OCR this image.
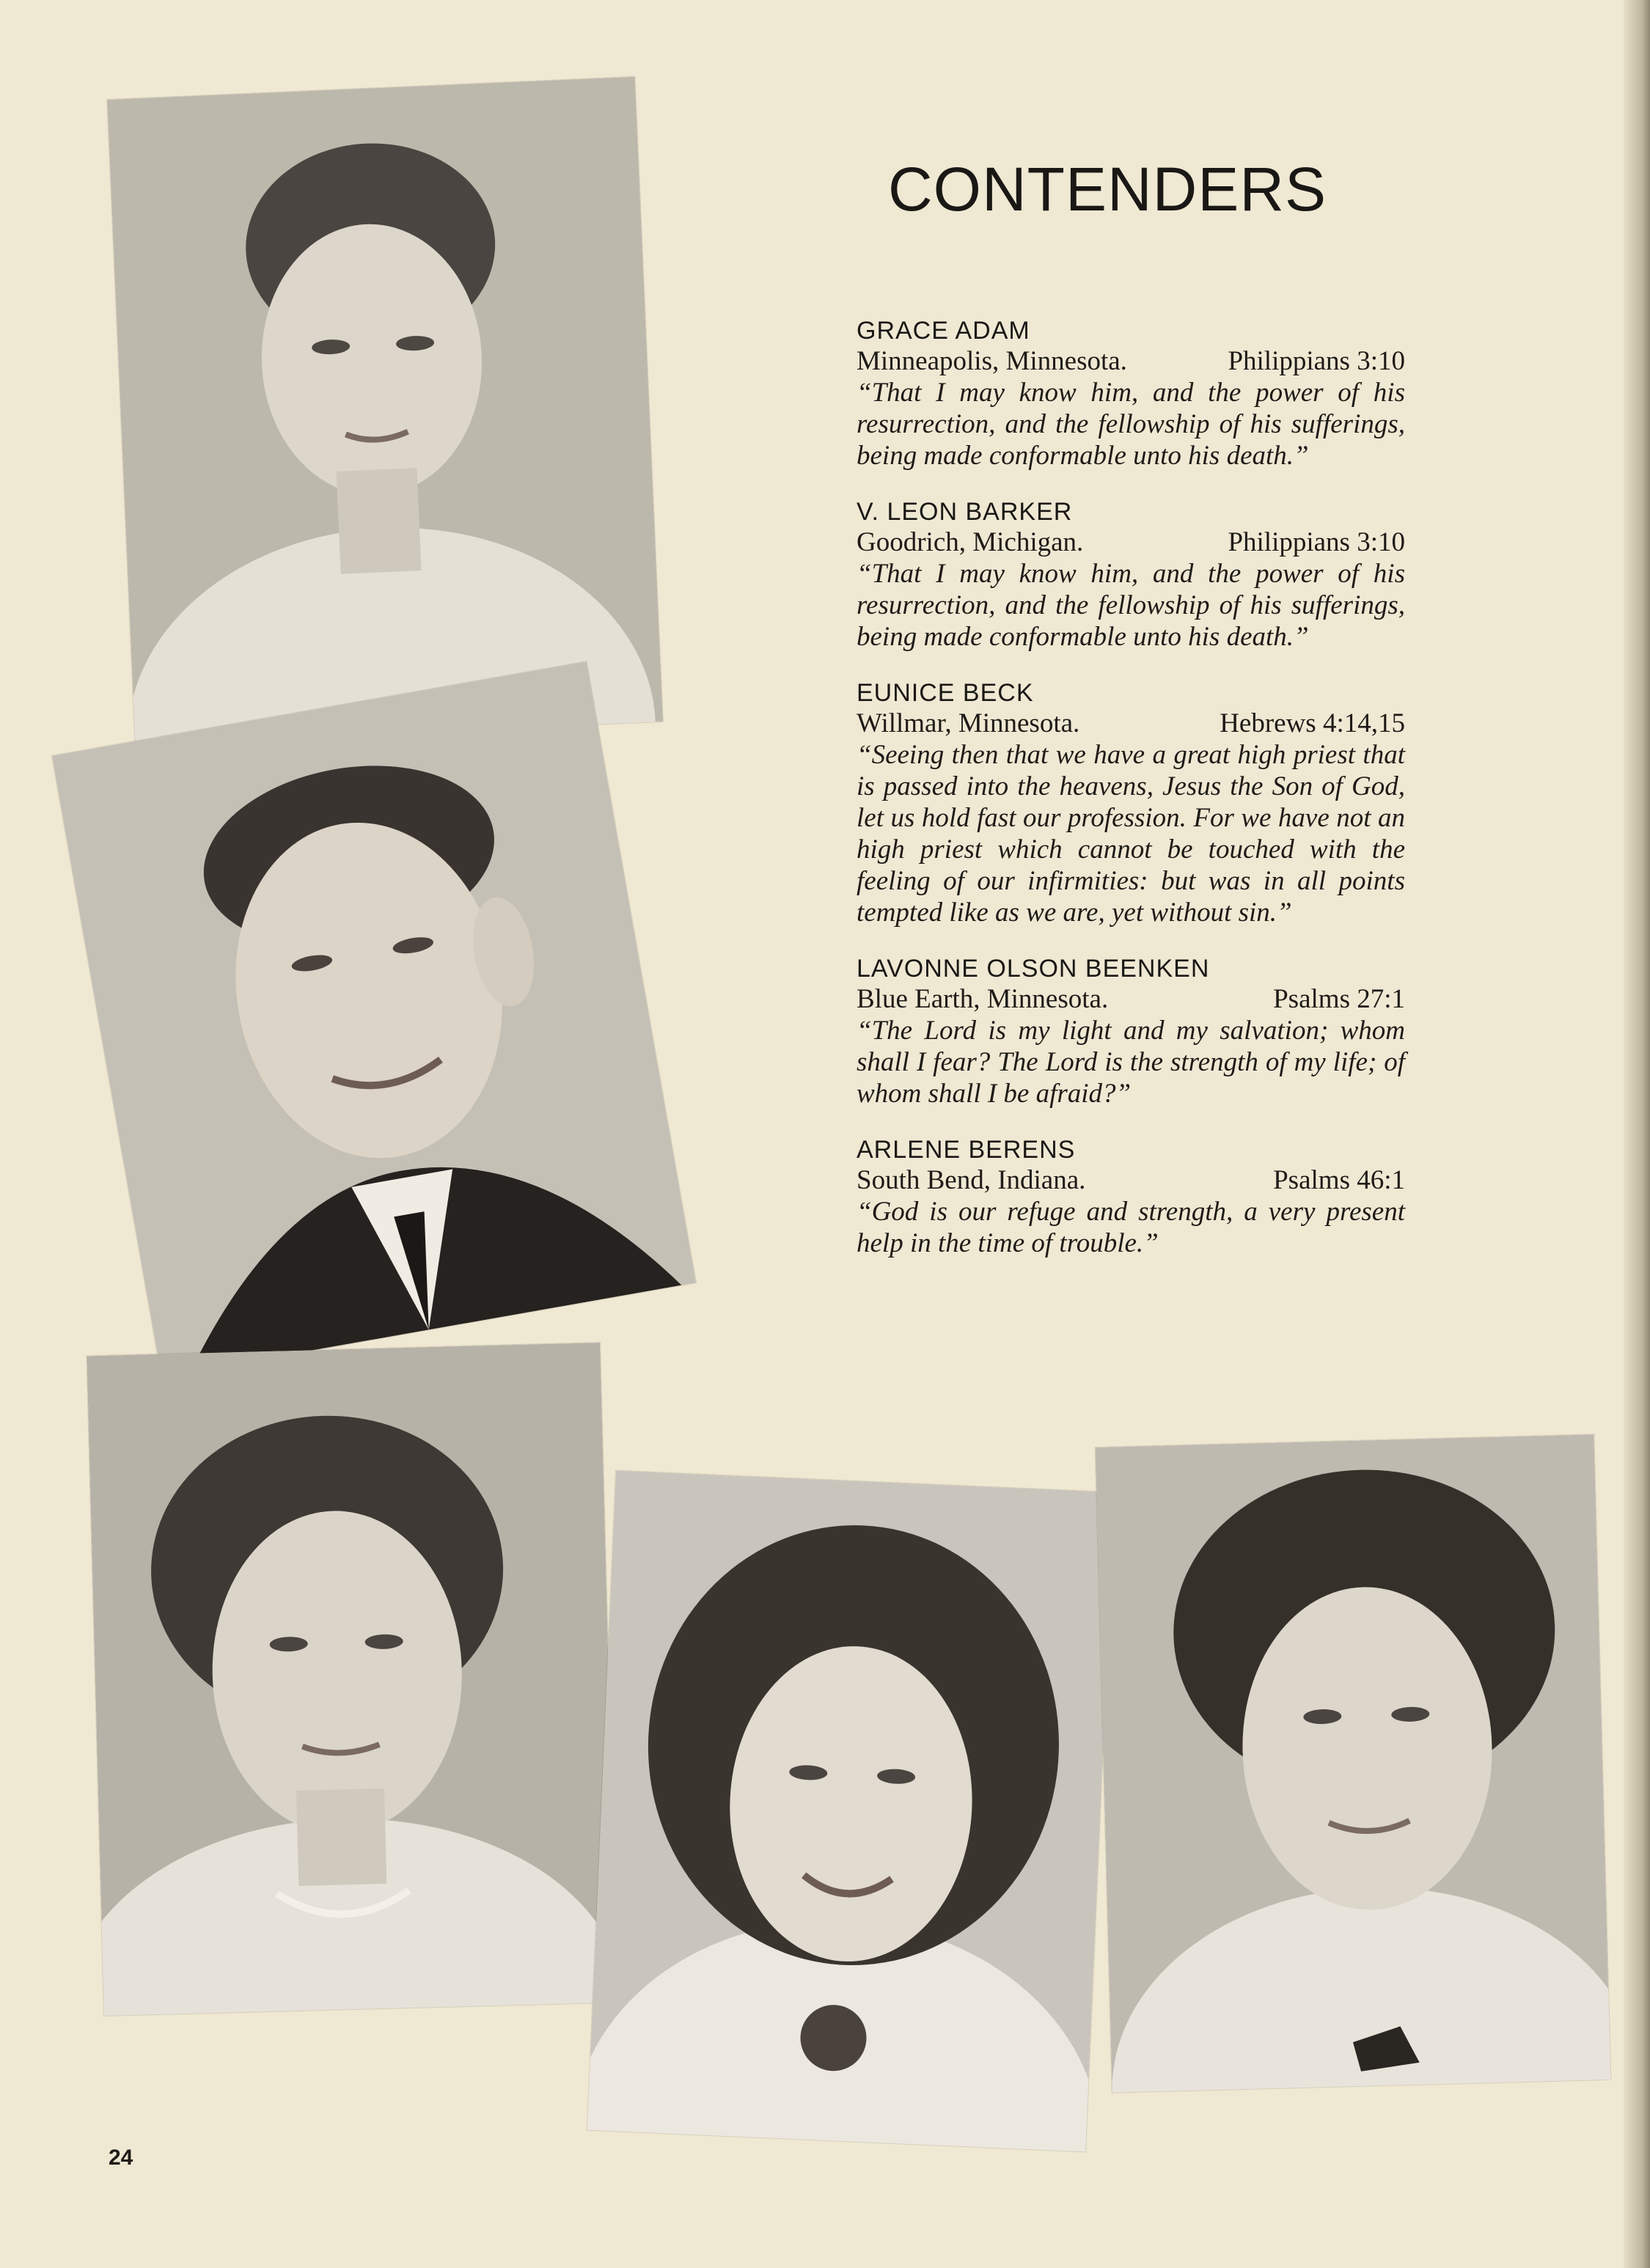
CONTENDERS
GRACE ADAM
Minneapolis, Minnesota.	Philippians 3:10
“That I may know him, and the power of his resurrection, and the fellowship of his sufferings, being made conformable unto his death.”
V. LEON BARKER
Goodrich, Michigan.	Philippians 3:10
“That I may know him, and the power of his resurrection, and the fellowship of his sufferings, being made conformable unto his death.”
EUNICE BECK
Willmar, Minnesota.	Hebrews 4:14,15
“Seeing then that we have a great high priest that is passed into the heavens, Jesus the Son of God, let us hold fast our profession. For we have not an high priest which cannot be touched with the feeling of our infirmities: but was in all points tempted like as we are, yet without sin.”
LAVONNE OLSON BEENKEN
Blue Earth, Minnesota.	Psalms 27:1
“The Lord is my light and my salvation; whom shall I fear? The Lord is the strength of my life; of whom shall I be afraid?”
ARLENE BERENS
South Bend, Indiana.	Psalms 46:1
“God is our refuge and strength, a very present help in the time of trouble.”
24
